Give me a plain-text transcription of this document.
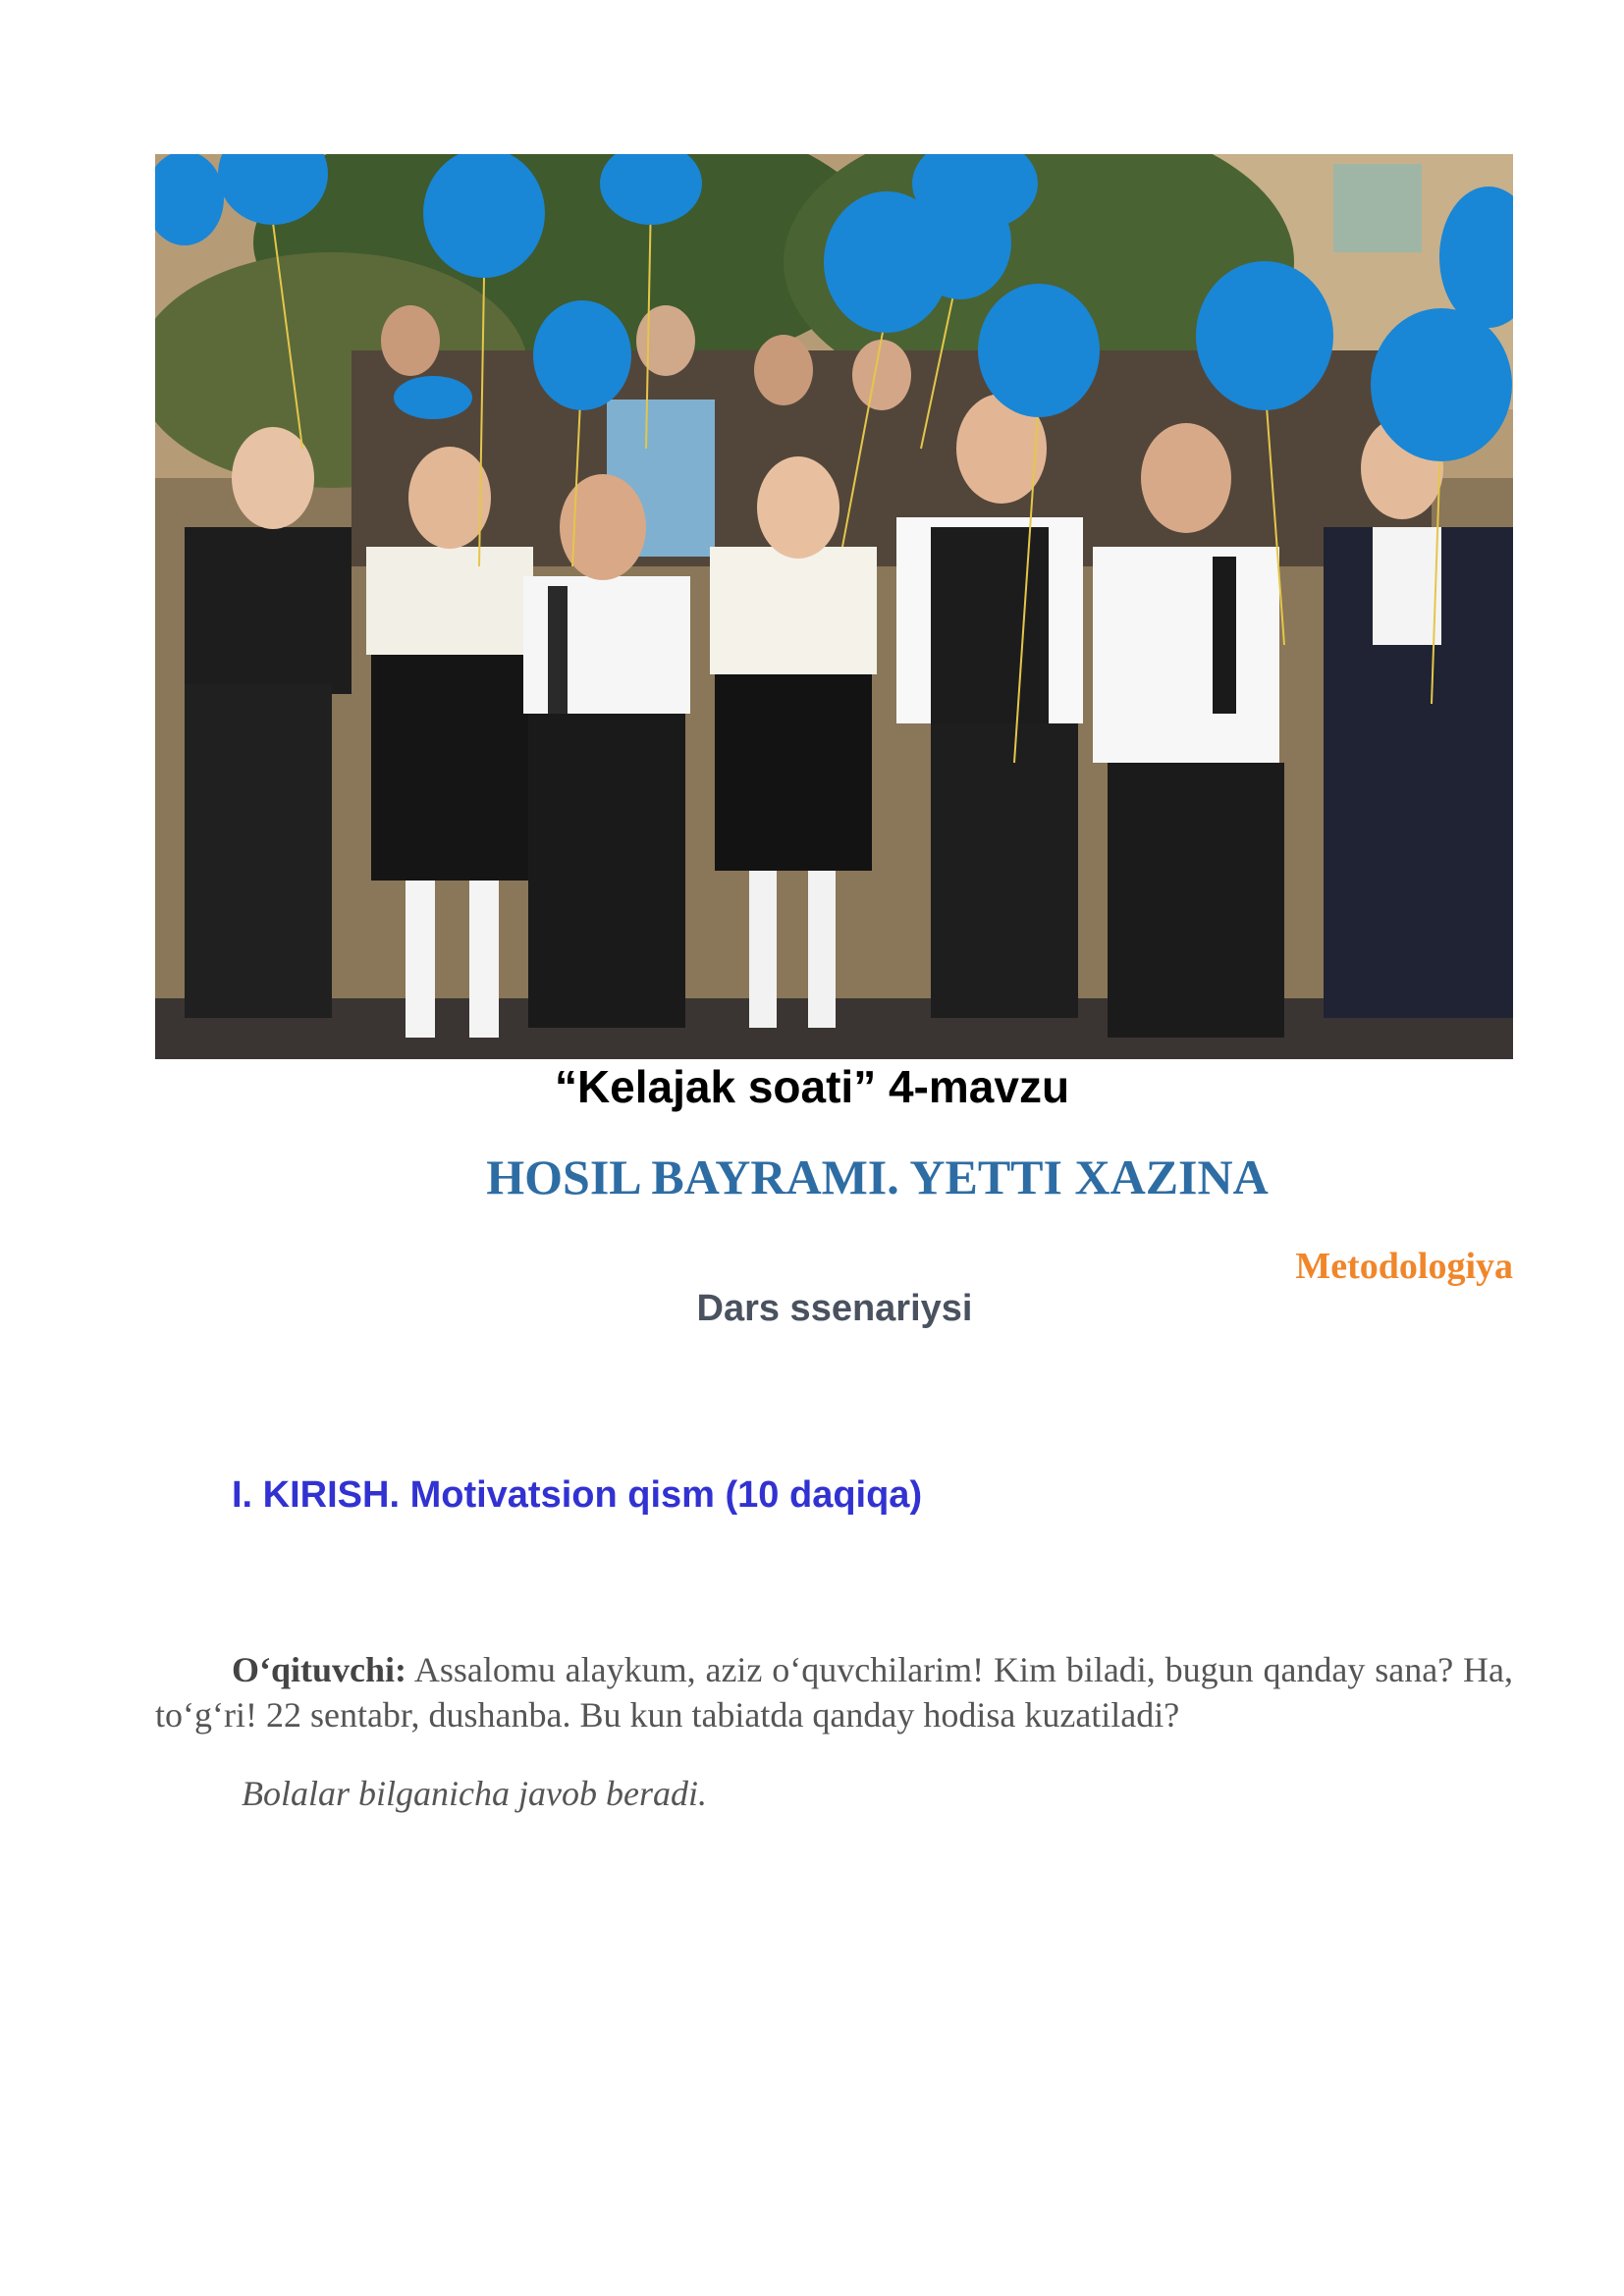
“Kelajak soati” 4-mavzu
HOSIL BAYRAMI. YETTI XAZINA
Metodologiya
Dars ssenariysi
I. KIRISH. Motivatsion qism (10 daqiqa)
O‘qituvchi: Assalomu alaykum, aziz o‘quvchilarim! Kim biladi, bugun qanday sana? Ha, to‘g‘ri! 22 sentabr, dushanba. Bu kun tabiatda qanday hodisa kuzatiladi?
Bolalar bilganicha javob beradi.
